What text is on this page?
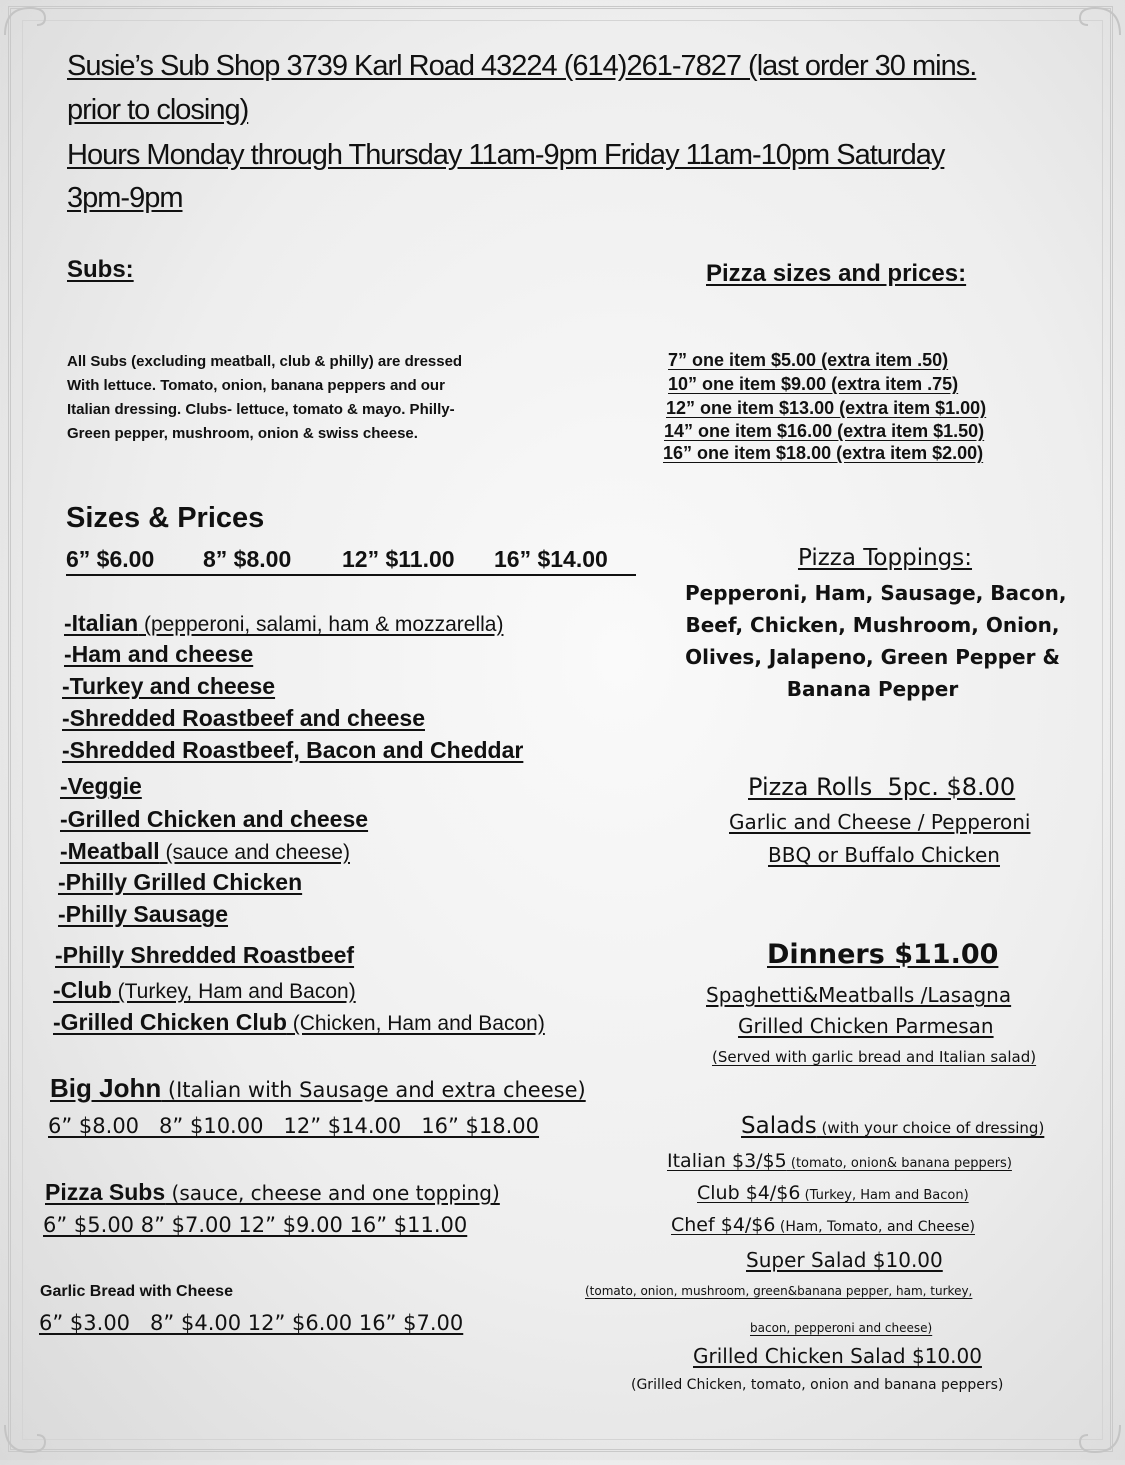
Susie’s Sub Shop 3739 Karl Road 43224 (614)261-7827 (last order 30 mins.
prior to closing)
Hours Monday through Thursday 11am-9pm Friday 11am-10pm Saturday
3pm-9pm
Subs:
All Subs (excluding meatball, club & philly) are dressed
With lettuce. Tomato, onion, banana peppers and our
Italian dressing. Clubs- lettuce, tomato & mayo. Philly-
Green pepper, mushroom, onion & swiss cheese.
Sizes & Prices
6” $6.00 8” $8.00 12” $11.00 16” $14.00
-Italian (pepperoni, salami, ham & mozzarella)
-Ham and cheese
-Turkey and cheese
-Shredded Roastbeef and cheese
-Shredded Roastbeef, Bacon and Cheddar
-Veggie
-Grilled Chicken and cheese
-Meatball (sauce and cheese)
-Philly Grilled Chicken
-Philly Sausage
-Philly Shredded Roastbeef
-Club (Turkey, Ham and Bacon)
-Grilled Chicken Club (Chicken, Ham and Bacon)
Big John (Italian with Sausage and extra cheese)
6” $8.00   8” $10.00   12” $14.00   16” $18.00
Pizza Subs (sauce, cheese and one topping)
6” $5.00 8” $7.00 12” $9.00 16” $11.00
Garlic Bread with Cheese
6” $3.00   8” $4.00 12” $6.00 16” $7.00
Pizza sizes and prices:
7” one item $5.00 (extra item .50)
10” one item $9.00 (extra item .75)
12” one item $13.00 (extra item $1.00)
14” one item $16.00 (extra item $1.50)
16” one item $18.00 (extra item $2.00)
Pizza Toppings:
Pepperoni, Ham, Sausage, Bacon,
Beef, Chicken, Mushroom, Onion,
Olives, Jalapeno, Green Pepper &
Banana Pepper
Pizza Rolls  5pc. $8.00
Garlic and Cheese / Pepperoni
BBQ or Buffalo Chicken
Dinners $11.00
Spaghetti&Meatballs /Lasagna
Grilled Chicken Parmesan
(Served with garlic bread and Italian salad)
Salads (with your choice of dressing)
Italian $3/$5 (tomato, onion& banana peppers)
Club $4/$6 (Turkey, Ham and Bacon)
Chef $4/$6 (Ham, Tomato, and Cheese)
Super Salad $10.00
(tomato, onion, mushroom, green&banana pepper, ham, turkey,
bacon, pepperoni and cheese)
Grilled Chicken Salad $10.00
(Grilled Chicken, tomato, onion and banana peppers)
